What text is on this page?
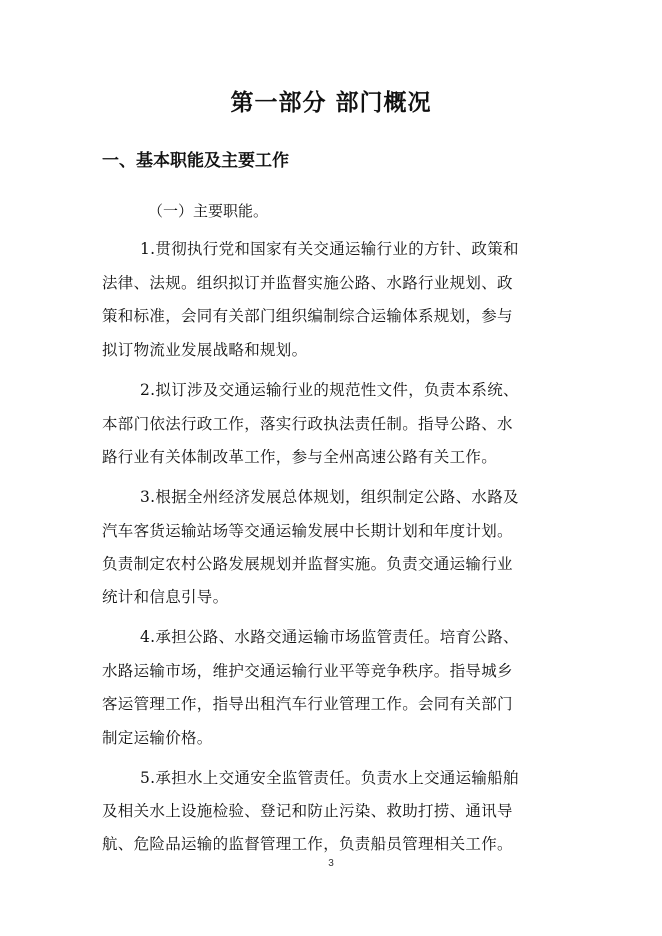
第一部分 部门概况
一、基本职能及主要工作
（一）主要职能。
1.贯彻执行党和国家有关交通运输行业的方针、政策和
法律、法规。组织拟订并监督实施公路、水路行业规划、政
策和标准，会同有关部门组织编制综合运输体系规划，参与
拟订物流业发展战略和规划。
2.拟订涉及交通运输行业的规范性文件，负责本系统、
本部门依法行政工作，落实行政执法责任制。指导公路、水
路行业有关体制改革工作，参与全州高速公路有关工作。
3.根据全州经济发展总体规划，组织制定公路、水路及
汽车客货运输站场等交通运输发展中长期计划和年度计划。
负责制定农村公路发展规划并监督实施。负责交通运输行业
统计和信息引导。
4.承担公路、水路交通运输市场监管责任。培育公路、
水路运输市场，维护交通运输行业平等竞争秩序。指导城乡
客运管理工作，指导出租汽车行业管理工作。会同有关部门
制定运输价格。
5.承担水上交通安全监管责任。负责水上交通运输船舶
及相关水上设施检验、登记和防止污染、救助打捞、通讯导
航、危险品运输的监督管理工作，负责船员管理相关工作。
3
